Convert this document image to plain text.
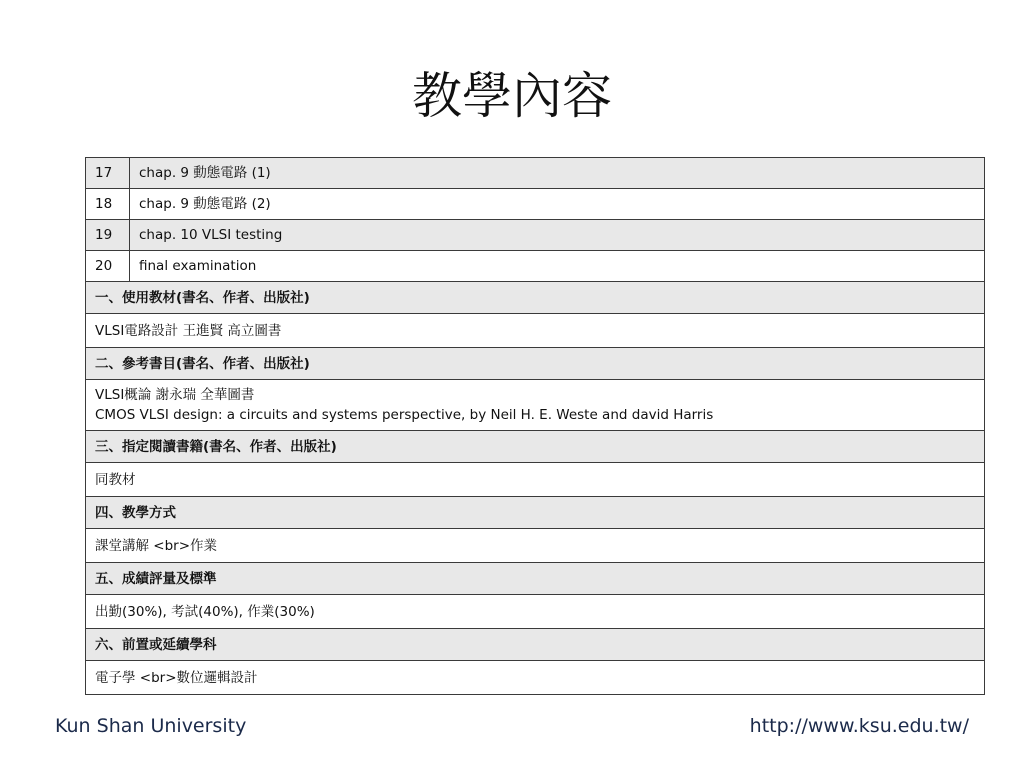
教學內容
17	chap. 9 動態電路 (1)
18	chap. 9 動態電路 (2)
19	chap. 10 VLSI testing
20	final examination
一、使用教材(書名、作者、出版社)	
VLSI電路設計 王進賢 高立圖書	
二、參考書目(書名、作者、出版社)	

VLSI概論 謝永瑞 全華圖書
CMOS VLSI design: a circuits and systems perspective, by Neil H. E. Weste and david Harris	

三、指定閱讀書籍(書名、作者、出版社)	
同教材	
四、教學方式	
課堂講解 <br>作業	
五、成績評量及標準	
出勤(30%), 考試(40%), 作業(30%)	
六、前置或延續學科	
電子學 <br>數位邏輯設計	
Kun Shan University	http://www.ksu.edu.tw/
